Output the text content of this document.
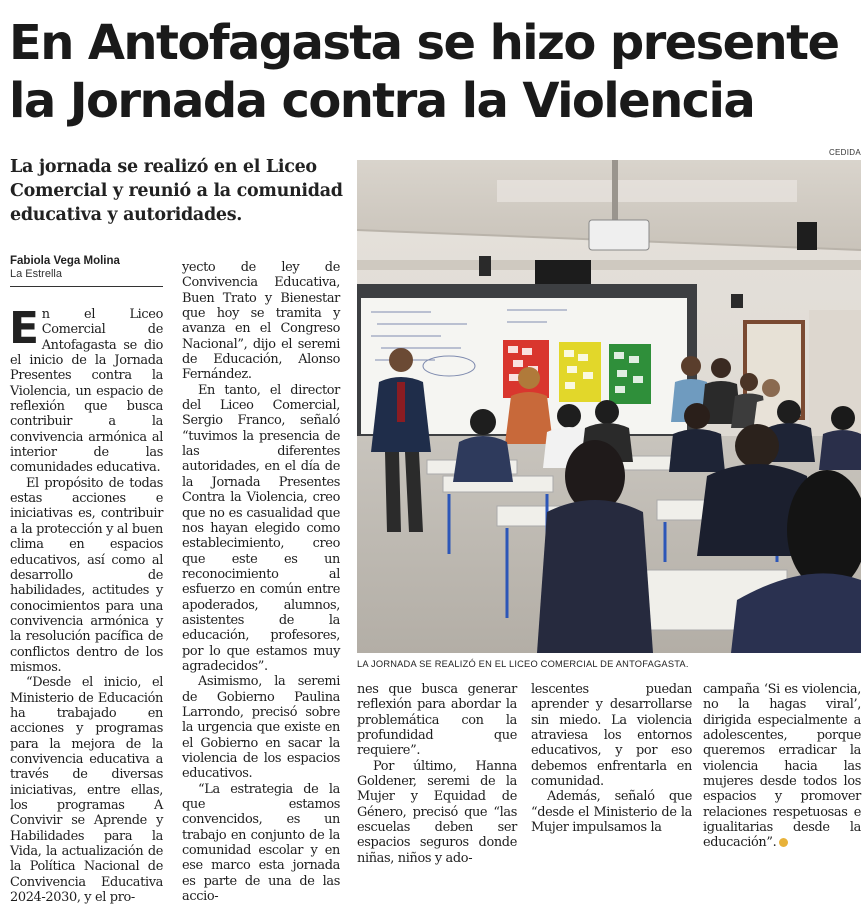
En Antofagasta se hizo presente la Jornada contra la Violencia

La jornada se realizó en el Liceo Comercial y reunió a la comunidad educativa y autoridades.

Fabiola Vega Molina
La Estrella

En el Liceo Comercial de Antofagasta se dio el inicio de la Jornada Presentes contra la Violencia, un espacio de reflexión que busca contribuir a la convivencia armónica al interior de las comunidades educativa.

El propósito de todas estas acciones e iniciativas es, contribuir a la protección y al buen clima en espacios educativos, así como al desarrollo de habilidades, actitudes y conocimientos para una convivencia armónica y la resolución pacífica de conflictos dentro de los mismos.

“Desde el inicio, el Ministerio de Educación ha trabajado en acciones y programas para la mejora de la convivencia educativa a través de diversas iniciativas, entre ellas, los programas A Convivir se Aprende y Habilidades para la Vida, la actualización de la Política Nacional de Convivencia Educativa 2024-2030, y el pro-

yecto de ley de Convivencia Educativa, Buen Trato y Bienestar que hoy se tramita y avanza en el Congreso Nacional”, dijo el seremi de Educación, Alonso Fernández.

En tanto, el director del Liceo Comercial, Sergio Franco, señaló “tuvimos la presencia de las diferentes autoridades, en el día de la Jornada Presentes Contra la Violencia, creo que no es casualidad que nos hayan elegido como establecimiento, creo que este es un reconocimiento al esfuerzo en común entre apoderados, alumnos, asistentes de la educación, profesores, por lo que estamos muy agradecidos”.

Asimismo, la seremi de Gobierno Paulina Larrondo, precisó sobre la urgencia que existe en el Gobierno en sacar la violencia de los espacios educativos.

“La estrategia de la que estamos convencidos, es un trabajo en conjunto de la comunidad escolar y en ese marco esta jornada es parte de una de las accio-

CEDIDA
LA JORNADA SE REALIZÓ EN EL LICEO COMERCIAL DE ANTOFAGASTA.

nes que busca generar reflexión para abordar la problemática con la profundidad que requiere”.

Por último, Hanna Goldener, seremi de la Mujer y Equidad de Género, precisó que “las escuelas deben ser espacios seguros donde niñas, niños y ado-

lescentes puedan aprender y desarrollarse sin miedo. La violencia atraviesa los entornos educativos, y por eso debemos enfrentarla en comunidad.

Además, señaló que “desde el Ministerio de la Mujer impulsamos la

campaña ‘Si es violencia, no la hagas viral’, dirigida especialmente a adolescentes, porque queremos erradicar la violencia hacia las mujeres desde todos los espacios y promover relaciones respetuosas e igualitarias desde la educación”.
